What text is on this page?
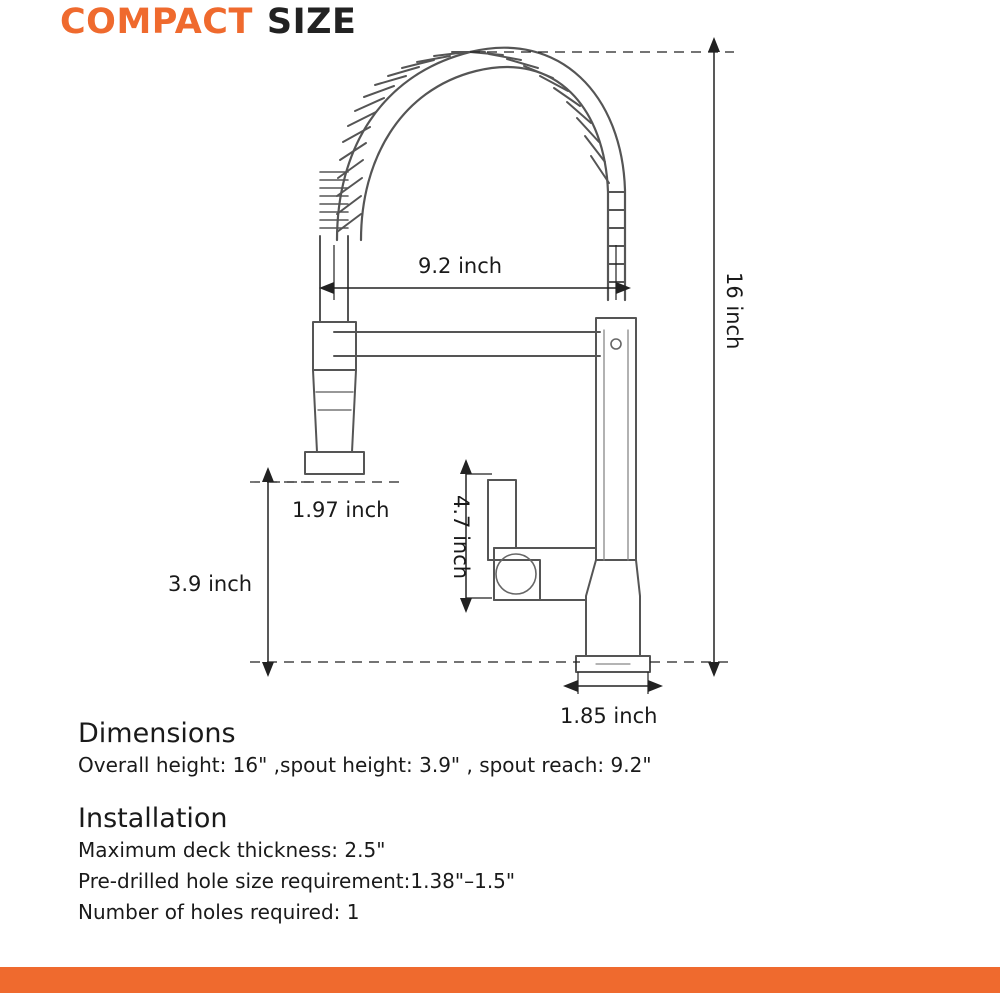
COMPACT SIZE
9.2 inch
16 inch
1.97 inch
3.9 inch
4.7 inch
1.85 inch
Dimensions

Overall height: 16" ,spout height: 3.9" , spout reach: 9.2"

Installation

Maximum deck thickness: 2.5"

Pre-drilled hole size requirement:1.38"–1.5"

Number of holes required: 1
